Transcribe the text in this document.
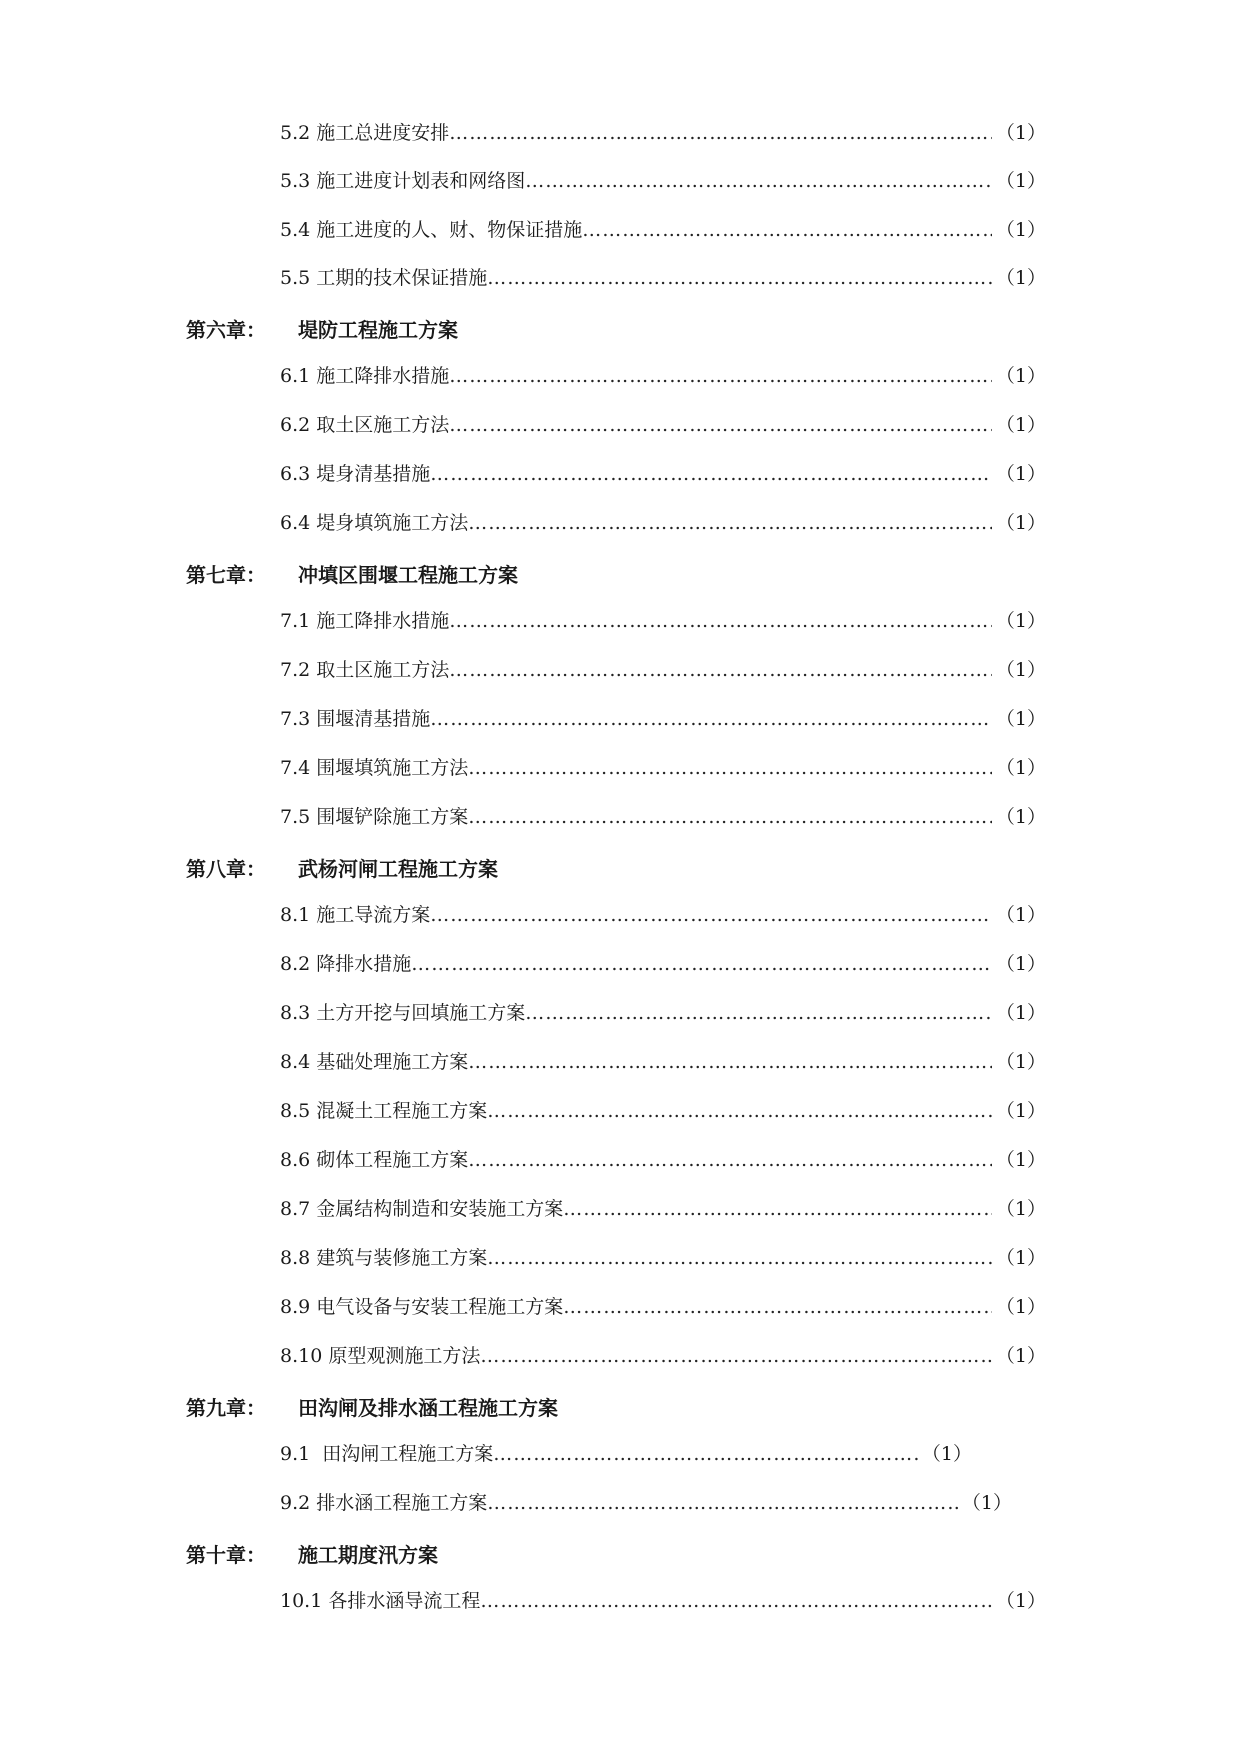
5.2 施工总进度安排 ……………………………………………………………………………………………………………………………………………………………………………………	（1）
5.3 施工进度计划表和网络图 ……………………………………………………………………………………………………………………………………………………………………………………	（1）
5.4 施工进度的人、财、物保证措施 ……………………………………………………………………………………………………………………………………………………………………………………	（1）
5.5 工期的技术保证措施 ……………………………………………………………………………………………………………………………………………………………………………………	（1）
第六章： 堤防工程施工方案
6.1 施工降排水措施 ……………………………………………………………………………………………………………………………………………………………………………………	（1）
6.2 取土区施工方法 ……………………………………………………………………………………………………………………………………………………………………………………	（1）
6.3 堤身清基措施 ……………………………………………………………………………………………………………………………………………………………………………………	（1）
6.4 堤身填筑施工方法 ……………………………………………………………………………………………………………………………………………………………………………………	（1）
第七章： 冲填区围堰工程施工方案
7.1 施工降排水措施 ……………………………………………………………………………………………………………………………………………………………………………………	（1）
7.2 取土区施工方法 ……………………………………………………………………………………………………………………………………………………………………………………	（1）
7.3 围堰清基措施 ……………………………………………………………………………………………………………………………………………………………………………………	（1）
7.4 围堰填筑施工方法 ……………………………………………………………………………………………………………………………………………………………………………………	（1）
7.5 围堰铲除施工方案 ……………………………………………………………………………………………………………………………………………………………………………………	（1）
第八章： 武杨河闸工程施工方案
8.1 施工导流方案 ……………………………………………………………………………………………………………………………………………………………………………………	（1）
8.2 降排水措施 ……………………………………………………………………………………………………………………………………………………………………………………	（1）
8.3 土方开挖与回填施工方案 ……………………………………………………………………………………………………………………………………………………………………………………	（1）
8.4 基础处理施工方案 ……………………………………………………………………………………………………………………………………………………………………………………	（1）
8.5 混凝土工程施工方案 ……………………………………………………………………………………………………………………………………………………………………………………	（1）
8.6 砌体工程施工方案 ……………………………………………………………………………………………………………………………………………………………………………………	（1）
8.7 金属结构制造和安装施工方案 ……………………………………………………………………………………………………………………………………………………………………………………	（1）
8.8 建筑与装修施工方案 ……………………………………………………………………………………………………………………………………………………………………………………	（1）
8.9 电气设备与安装工程施工方案 ……………………………………………………………………………………………………………………………………………………………………………………	（1）
8.10 原型观测施工方法 ……………………………………………………………………………………………………………………………………………………………………………………	（1）
第九章： 田沟闸及排水涵工程施工方案
9.1  田沟闸工程施工方案 ……………………………………………………………………………………………………………………………………………………………………………………	（1）
9.2 排水涵工程施工方案 ……………………………………………………………………………………………………………………………………………………………………………………	（1）
第十章： 施工期度汛方案
10.1 各排水涵导流工程 ……………………………………………………………………………………………………………………………………………………………………………………	（1）
